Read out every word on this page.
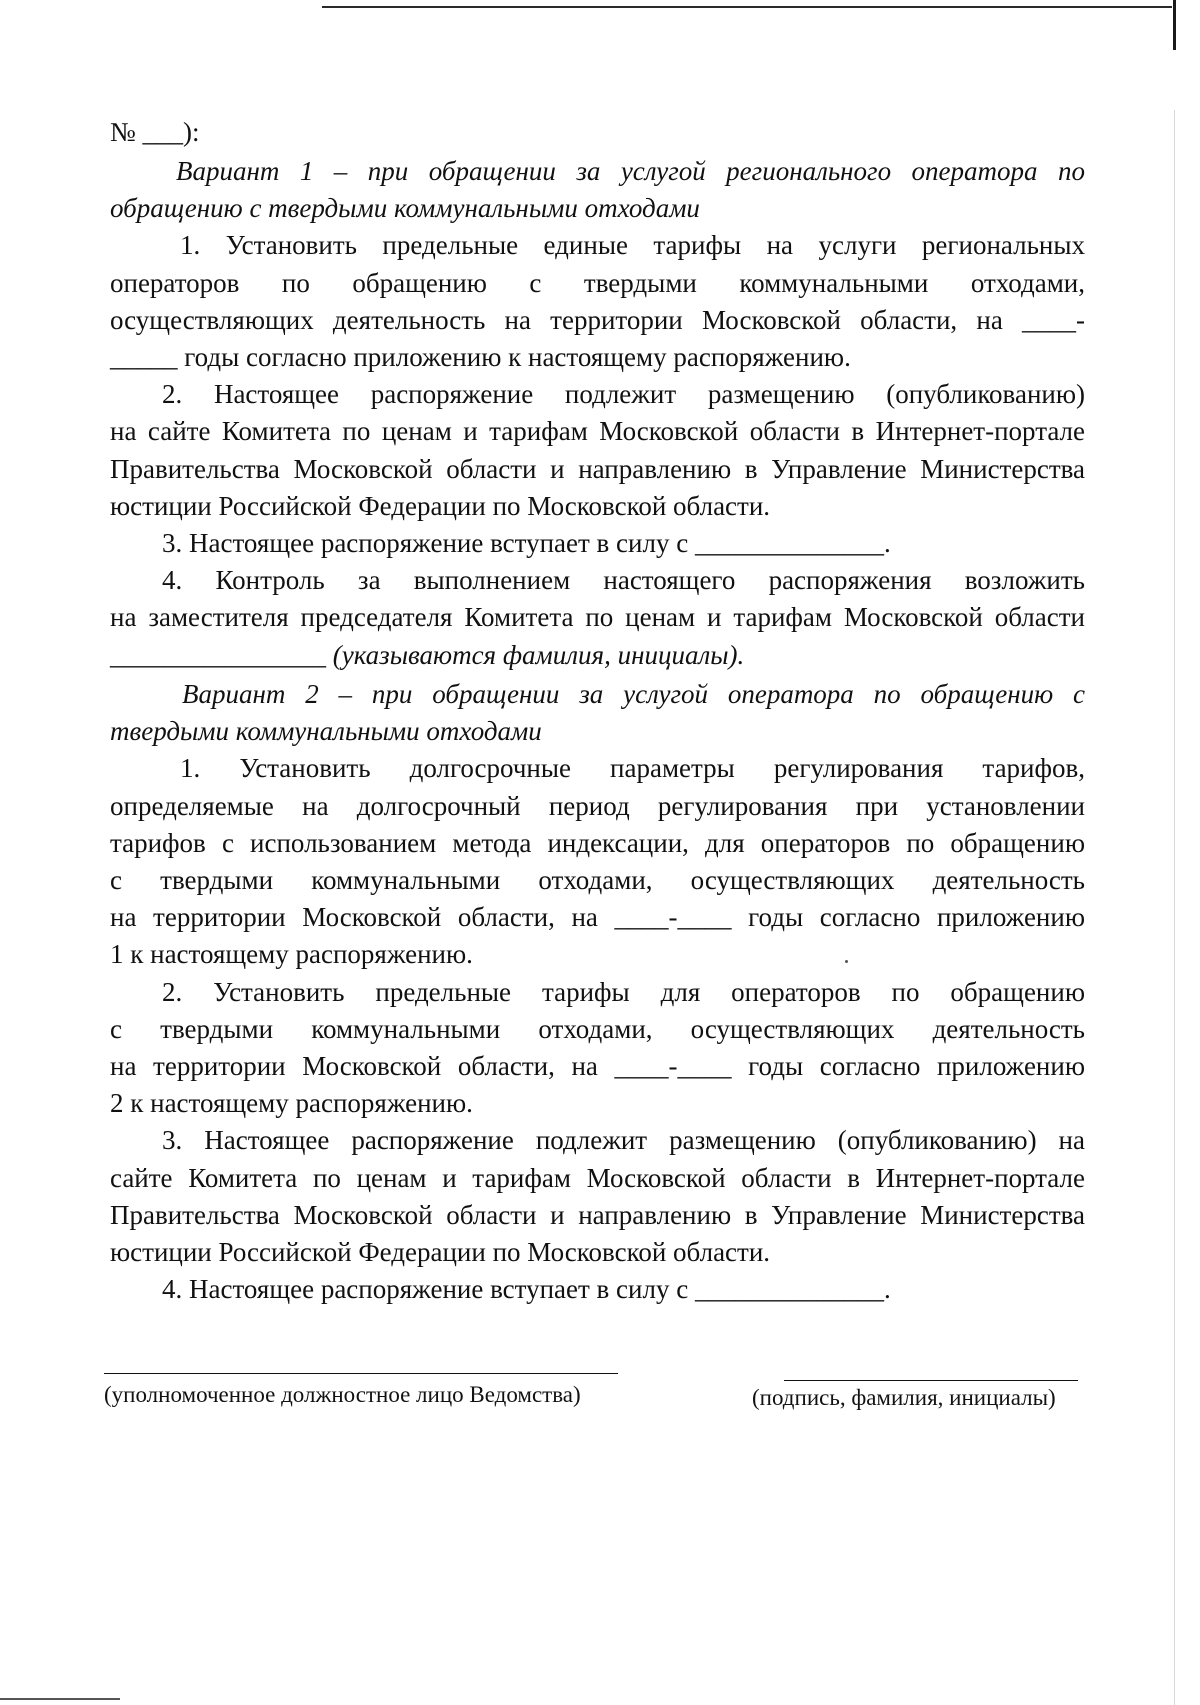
№ ___):
Вариант 1 – при обращении за услугой регионального оператора по
обращению с твердыми коммунальными отходами
1. Установить предельные единые тарифы на услуги региональных
операторов по обращению с твердыми коммунальными отходами,
осуществляющих деятельность на территории Московской области, на ____-
_____ годы согласно приложению к настоящему распоряжению.
2. Настоящее распоряжение подлежит размещению (опубликованию)
на сайте Комитета по ценам и тарифам Московской области в Интернет-портале
Правительства Московской области и направлению в Управление Министерства
юстиции Российской Федерации по Московской области.
3. Настоящее распоряжение вступает в силу с ______________.
4. Контроль за выполнением настоящего распоряжения возложить
на заместителя председателя Комитета по ценам и тарифам Московской области
________________ (указываются фамилия, инициалы).
Вариант 2 – при обращении за услугой оператора по обращению с
твердыми коммунальными отходами
1. Установить долгосрочные параметры регулирования тарифов,
определяемые на долгосрочный период регулирования при установлении
тарифов с использованием метода индексации, для операторов по обращению
с твердыми коммунальными отходами, осуществляющих деятельность
на территории Московской области, на ____-____ годы согласно приложению
1 к настоящему распоряжению.
2. Установить предельные тарифы для операторов по обращению
с твердыми коммунальными отходами, осуществляющих деятельность
на территории Московской области, на ____-____ годы согласно приложению
2 к настоящему распоряжению.
3. Настоящее распоряжение подлежит размещению (опубликованию) на
сайте Комитета по ценам и тарифам Московской области в Интернет-портале
Правительства Московской области и направлению в Управление Министерства
юстиции Российской Федерации по Московской области.
4. Настоящее распоряжение вступает в силу с ______________.
(уполномоченное должностное лицо Ведомства)	(подпись, фамилия, инициалы)
